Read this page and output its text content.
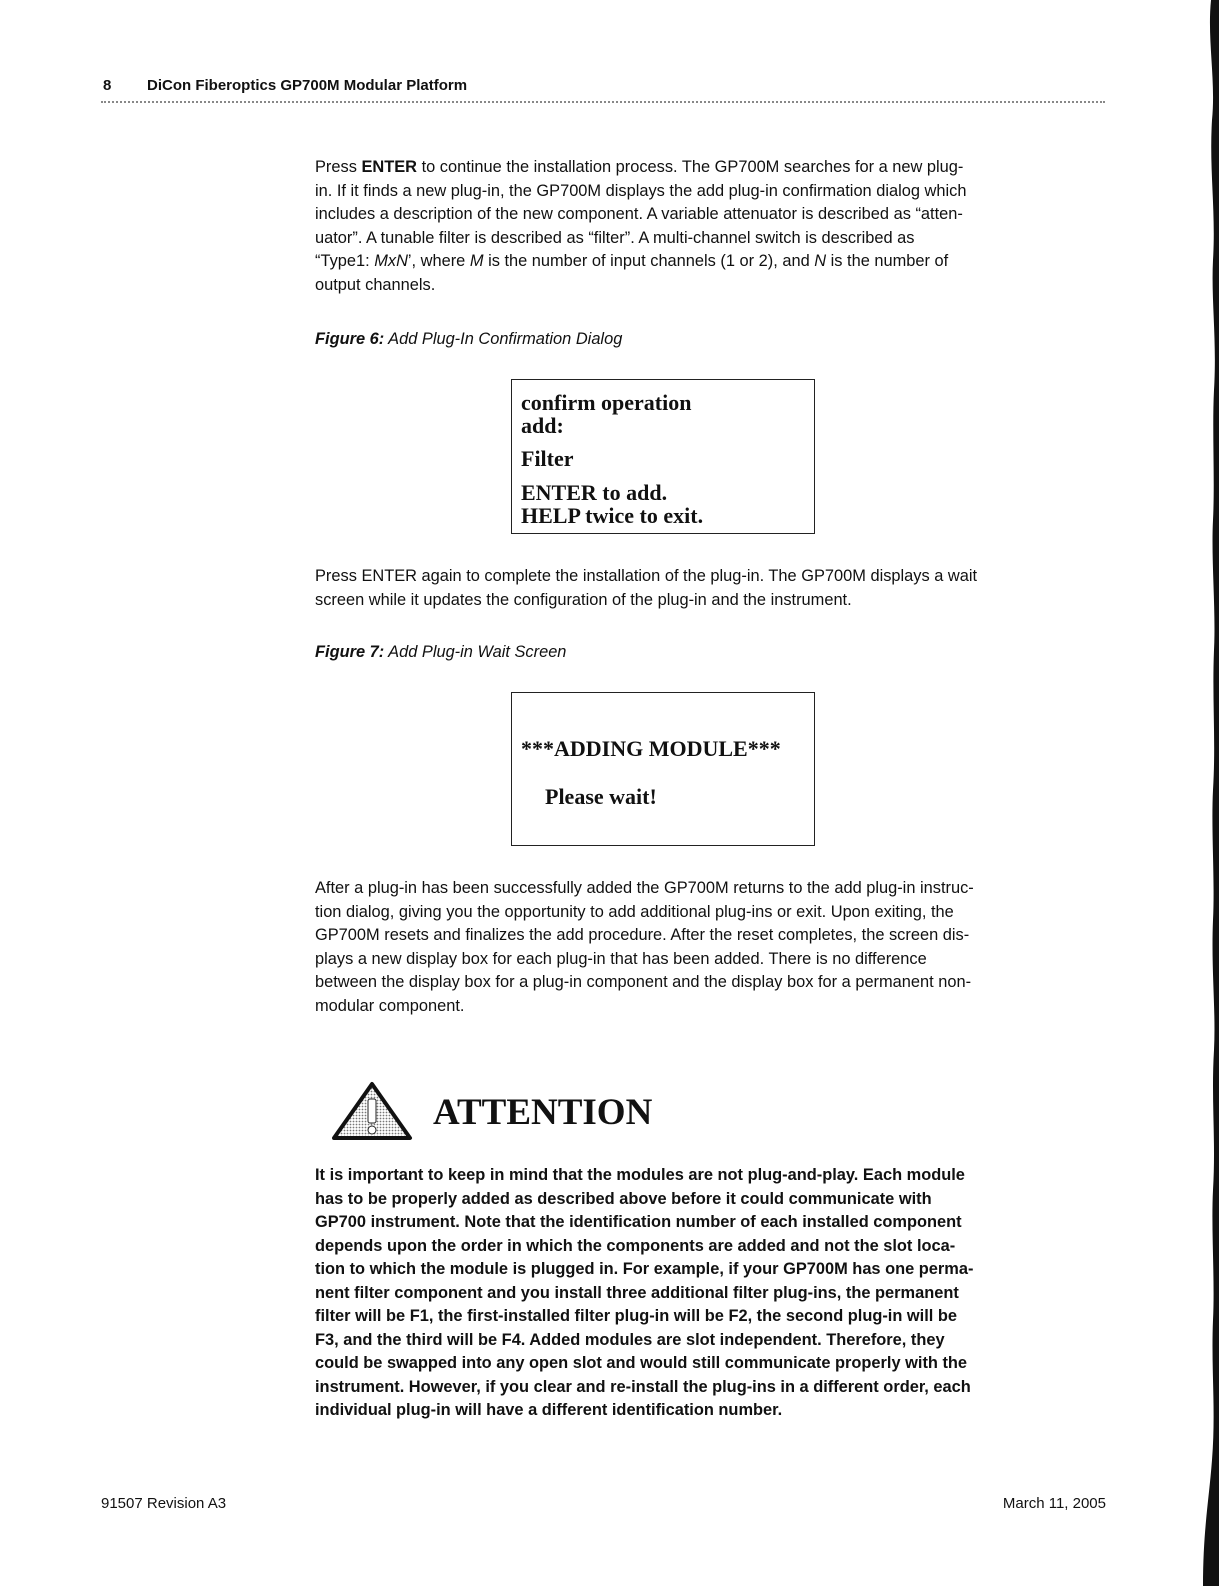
8 DiCon Fiberoptics GP700M Modular Platform
Press ENTER to continue the installation process. The GP700M searches for a new plug-
in. If it finds a new plug-in, the GP700M displays the add plug-in confirmation dialog which
includes a description of the new component. A variable attenuator is described as “atten-
uator”. A tunable filter is described as “filter”. A multi-channel switch is described as
“Type1: MxN’, where M is the number of input channels (1 or 2), and N is the number of
output channels.
Figure 6: Add Plug-In Confirmation Dialog
confirm operation
add:
Filter
ENTER to add.
HELP twice to exit.
Press ENTER again to complete the installation of the plug-in. The GP700M displays a wait
screen while it updates the configuration of the plug-in and the instrument.
Figure 7: Add Plug-in Wait Screen
***ADDING MODULE***
Please wait!
After a plug-in has been successfully added the GP700M returns to the add plug-in instruc-
tion dialog, giving you the opportunity to add additional plug-ins or exit. Upon exiting, the
GP700M resets and finalizes the add procedure. After the reset completes, the screen dis-
plays a new display box for each plug-in that has been added. There is no difference
between the display box for a plug-in component and the display box for a permanent non-
modular component.
ATTENTION
It is important to keep in mind that the modules are not plug-and-play. Each module
has to be properly added as described above before it could communicate with
GP700 instrument. Note that the identification number of each installed component
depends upon the order in which the components are added and not the slot loca-
tion to which the module is plugged in. For example, if your GP700M has one perma-
nent filter component and you install three additional filter plug-ins, the permanent
filter will be F1, the first-installed filter plug-in will be F2, the second plug-in will be
F3, and the third will be F4. Added modules are slot independent. Therefore, they
could be swapped into any open slot and would still communicate properly with the
instrument. However, if you clear and re-install the plug-ins in a different order, each
individual plug-in will have a different identification number.
91507 Revision A3	March 11, 2005
